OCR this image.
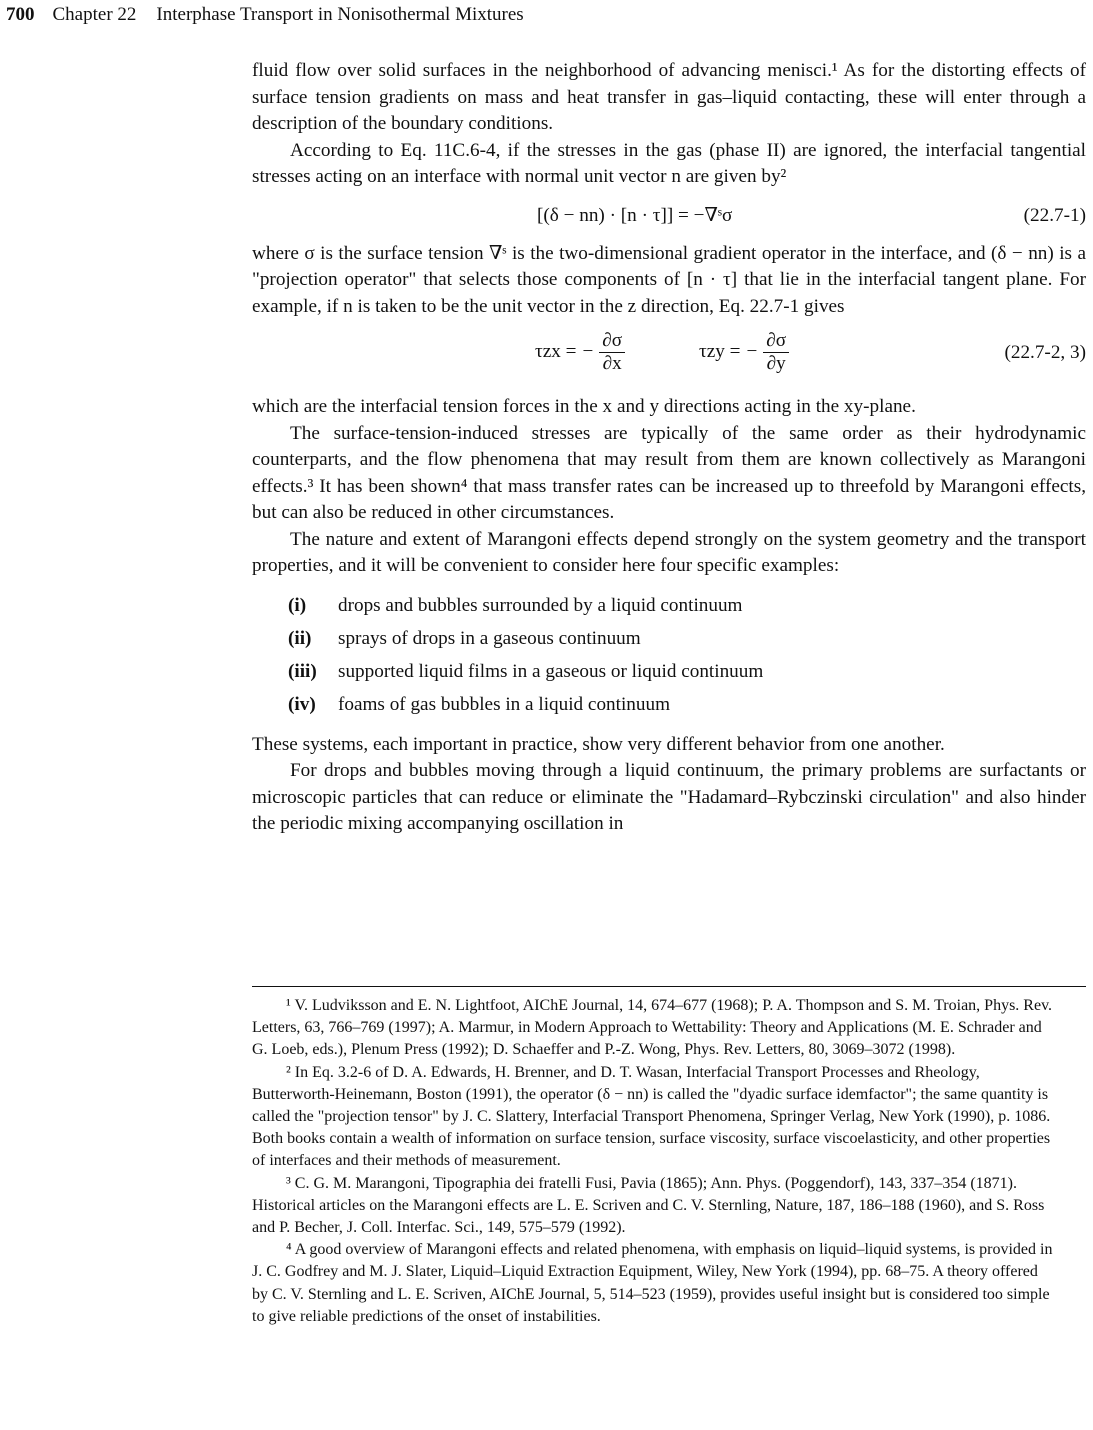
700 Chapter 22 Interphase Transport in Nonisothermal Mixtures

fluid flow over solid surfaces in the neighborhood of advancing menisci.¹ As for the distorting effects of surface tension gradients on mass and heat transfer in gas–liquid contacting, these will enter through a description of the boundary conditions.

According to Eq. 11C.6-4, if the stresses in the gas (phase II) are ignored, the interfacial tangential stresses acting on an interface with normal unit vector n are given by²

[(δ − nn) · [n · τ]] = −∇ˢσ	(22.7-1)

where σ is the surface tension ∇ˢ is the two-dimensional gradient operator in the interface, and (δ − nn) is a "projection operator" that selects those components of [n · τ] that lie in the interfacial tangent plane. For example, if n is taken to be the unit vector in the z direction, Eq. 22.7-1 gives

τzx = − $\frac{\partial\sigma}{\partial x}$	τzy = − $\frac{\partial\sigma}{\partial y}$	(22.7-2, 3)

which are the interfacial tension forces in the x and y directions acting in the xy-plane.

The surface-tension-induced stresses are typically of the same order as their hydrodynamic counterparts, and the flow phenomena that may result from them are known collectively as Marangoni effects.³ It has been shown⁴ that mass transfer rates can be increased up to threefold by Marangoni effects, but can also be reduced in other circumstances.

The nature and extent of Marangoni effects depend strongly on the system geometry and the transport properties, and it will be convenient to consider here four specific examples:

(i)	drops and bubbles surrounded by a liquid continuum
(ii)	sprays of drops in a gaseous continuum
(iii)	supported liquid films in a gaseous or liquid continuum
(iv)	foams of gas bubbles in a liquid continuum

These systems, each important in practice, show very different behavior from one another.

For drops and bubbles moving through a liquid continuum, the primary problems are surfactants or microscopic particles that can reduce or eliminate the "Hadamard–Rybczinski circulation" and also hinder the periodic mixing accompanying oscillation in

¹ V. Ludviksson and E. N. Lightfoot, AIChE Journal, 14, 674–677 (1968); P. A. Thompson and S. M. Troian, Phys. Rev. Letters, 63, 766–769 (1997); A. Marmur, in Modern Approach to Wettability: Theory and Applications (M. E. Schrader and G. Loeb, eds.), Plenum Press (1992); D. Schaeffer and P.-Z. Wong, Phys. Rev. Letters, 80, 3069–3072 (1998).

² In Eq. 3.2-6 of D. A. Edwards, H. Brenner, and D. T. Wasan, Interfacial Transport Processes and Rheology, Butterworth-Heinemann, Boston (1991), the operator (δ − nn) is called the "dyadic surface idemfactor"; the same quantity is called the "projection tensor" by J. C. Slattery, Interfacial Transport Phenomena, Springer Verlag, New York (1990), p. 1086. Both books contain a wealth of information on surface tension, surface viscosity, surface viscoelasticity, and other properties of interfaces and their methods of measurement.

³ C. G. M. Marangoni, Tipographia dei fratelli Fusi, Pavia (1865); Ann. Phys. (Poggendorf), 143, 337–354 (1871). Historical articles on the Marangoni effects are L. E. Scriven and C. V. Sternling, Nature, 187, 186–188 (1960), and S. Ross and P. Becher, J. Coll. Interfac. Sci., 149, 575–579 (1992).

⁴ A good overview of Marangoni effects and related phenomena, with emphasis on liquid–liquid systems, is provided in J. C. Godfrey and M. J. Slater, Liquid–Liquid Extraction Equipment, Wiley, New York (1994), pp. 68–75. A theory offered by C. V. Sternling and L. E. Scriven, AIChE Journal, 5, 514–523 (1959), provides useful insight but is considered too simple to give reliable predictions of the onset of instabilities.
